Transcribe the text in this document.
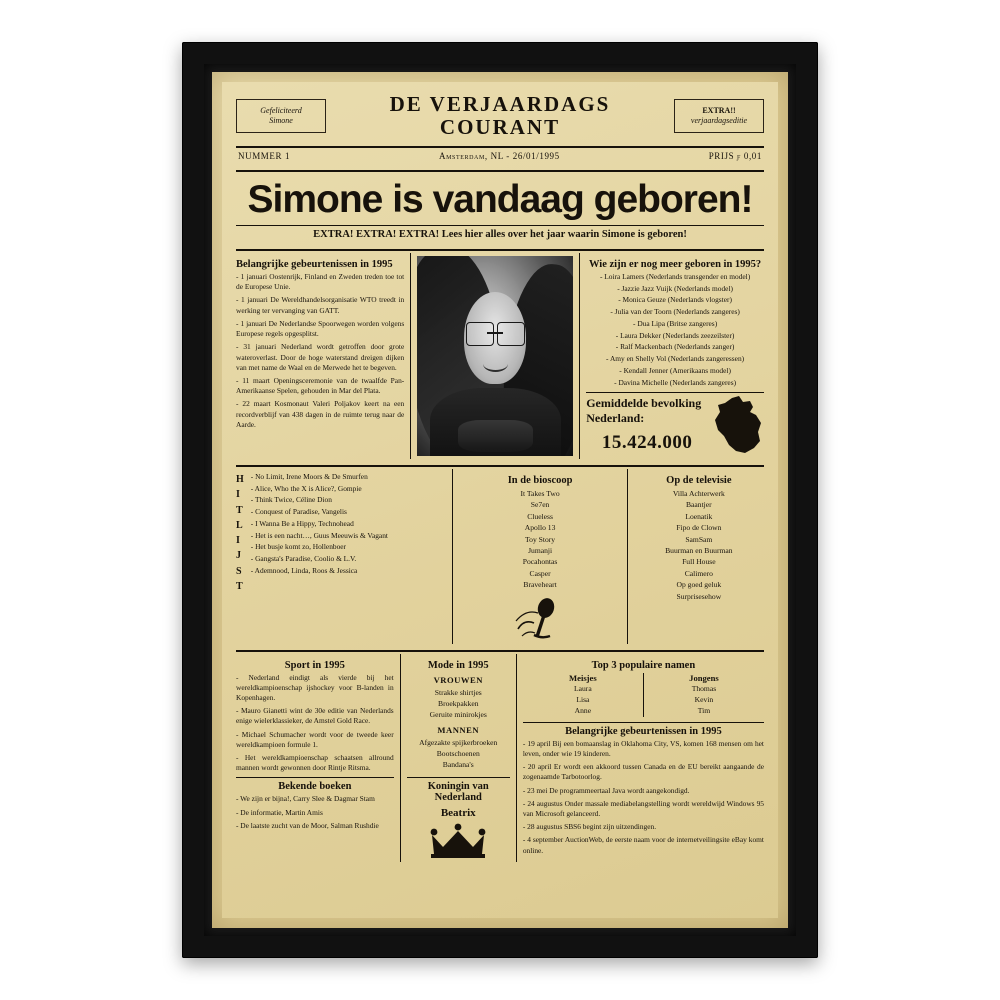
Gefeliciteerd
Simone
DE VERJAARDAGS
COURANT
EXTRA!!
verjaardagseditie
NUMMER 1	Amsterdam, NL - 26/01/1995	PRIJS ƒ 0,01
Simone is vandaag geboren!
EXTRA! EXTRA! EXTRA! Lees hier alles over het jaar waarin Simone is geboren!
Belangrijke gebeurtenissen in 1995

- 1 januari Oostenrijk, Finland en Zweden treden toe tot de Europese Unie.

- 1 januari De Wereldhandelsorganisatie WTO treedt in werking ter vervanging van GATT.

- 1 januari De Nederlandse Spoorwegen worden volgens Europese regels opgesplitst.

- 31 januari Nederland wordt getroffen door grote wateroverlast. Door de hoge waterstand dreigen dijken van met name de Waal en de Merwede het te begeven.

- 11 maart Openingsceremonie van de twaalfde Pan-Amerikaanse Spelen, gehouden in Mar del Plata.

- 22 maart Kosmonaut Valeri Poljakov keert na een recordverblijf van 438 dagen in de ruimte terug naar de Aarde.

Wie zijn er nog meer geboren in 1995?
- Loira Lamers (Nederlands transgender en model)
- Jazzie Jazz Vuijk (Nederlands model)
- Monica Geuze (Nederlands vlogster)
- Julia van der Toorn (Nederlands zangeres)
- Dua Lipa (Britse zangeres)
- Laura Dekker (Nederlands zeezeilster)
- Ralf Mackenbach (Nederlands zanger)
- Amy en Shelly Vol (Nederlands zangeressen)
- Kendall Jenner (Amerikaans model)
- Davina Michelle (Nederlands zangeres)
Gemiddelde bevolking
Nederland:
15.424.000
H
I
T
L
I
J
S
T
- No Limit, Irene Moors & De Smurfen
- Alice, Who the X is Alice?, Gompie
- Think Twice, Céline Dion
- Conquest of Paradise, Vangelis
- I Wanna Be a Hippy, Technohead
- Het is een nacht…, Guus Meeuwis & Vagant
- Het busje komt zo, Hollenboer
- Gangsta's Paradise, Coolio & L.V.
- Ademnood, Linda, Roos & Jessica
In de bioscoop
It Takes Two
Se7en
Clueless
Apollo 13
Toy Story
Jumanji
Pocahontas
Casper
Braveheart
Op de televisie
Villa Achterwerk
Baantjer
Loenatik
Fipo de Clown
SamSam
Buurman en Buurman
Full House
Calimero
Op goed geluk
Surprisesehow
Sport in 1995

- Nederland eindigt als vierde bij het wereldkampioenschap ijshockey voor B-landen in Kopenhagen.

- Mauro Gianetti wint de 30e editie van Nederlands enige wielerklassieker, de Amstel Gold Race.

- Michael Schumacher wordt voor de tweede keer wereldkampioen formule 1.

- Het wereldkampioenschap schaatsen allround mannen wordt gewonnen door Rintje Ritsma.

Bekende boeken

- We zijn er bijna!, Carry Slee & Dagmar Stam

- De informatie, Martin Amis

- De laatste zucht van de Moor, Salman Rushdie

Mode in 1995
VROUWEN
Strakke shirtjes
Broekpakken
Geruite minirokjes
MANNEN
Afgezakte spijkerbroeken
Bootschoenen
Bandana's
Koningin van
Nederland
Beatrix
Top 3 populaire namen
Meisjes
Laura
Lisa
Anne
Jongens
Thomas
Kevin
Tim
Belangrijke gebeurtenissen in 1995

- 19 april Bij een bomaanslag in Oklahoma City, VS, komen 168 mensen om het leven, onder wie 19 kinderen.

- 20 april Er wordt een akkoord tussen Canada en de EU bereikt aangaande de zogenaamde Tarbotoorlog.

- 23 mei De programmeertaal Java wordt aangekondigd.

- 24 augustus Onder massale mediabelangstelling wordt wereldwijd Windows 95 van Microsoft gelanceerd.

- 28 augustus SBS6 begint zijn uitzendingen.

- 4 september AuctionWeb, de eerste naam voor de internetveilingsite eBay komt online.
